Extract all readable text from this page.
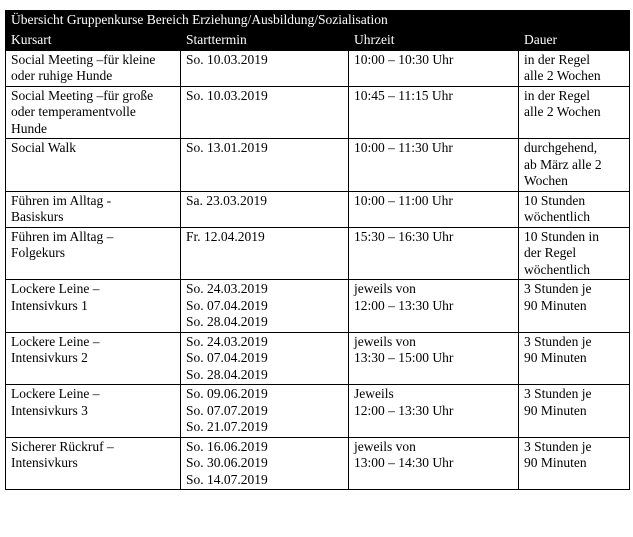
Übersicht Gruppenkurse Bereich Erziehung/Ausbildung/Sozialisation			
Kursart	Starttermin	Uhrzeit	Dauer

Social Meeting –für kleine
oder ruhige Hunde	So. 10.03.2019	10:00 – 10:30 Uhr	in der Regel
alle 2 Wochen

Social Meeting –für große
oder temperamentvolle
Hunde	So. 10.03.2019	10:45 – 11:15 Uhr	in der Regel
alle 2 Wochen

Social Walk	So. 13.01.2019	10:00 – 11:30 Uhr	durchgehend,
ab März alle 2
Wochen

Führen im Alltag -
Basiskurs	Sa. 23.03.2019	10:00 – 11:00 Uhr	10 Stunden
wöchentlich

Führen im Alltag –
Folgekurs	Fr. 12.04.2019	15:30 – 16:30 Uhr	10 Stunden in
der Regel
wöchentlich

Lockere Leine –
Intensivkurs 1	So. 24.03.2019
So. 07.04.2019
So. 28.04.2019	jeweils von
12:00 – 13:30 Uhr	3 Stunden je
90 Minuten

Lockere Leine –
Intensivkurs 2	So. 24.03.2019
So. 07.04.2019
So. 28.04.2019	jeweils von
13:30 – 15:00 Uhr	3 Stunden je
90 Minuten

Lockere Leine –
Intensivkurs 3	So. 09.06.2019
So. 07.07.2019
So. 21.07.2019	Jeweils
12:00 – 13:30 Uhr	3 Stunden je
90 Minuten

Sicherer Rückruf –
Intensivkurs	So. 16.06.2019
So. 30.06.2019
So. 14.07.2019	jeweils von
13:00 – 14:30 Uhr	3 Stunden je
90 Minuten
